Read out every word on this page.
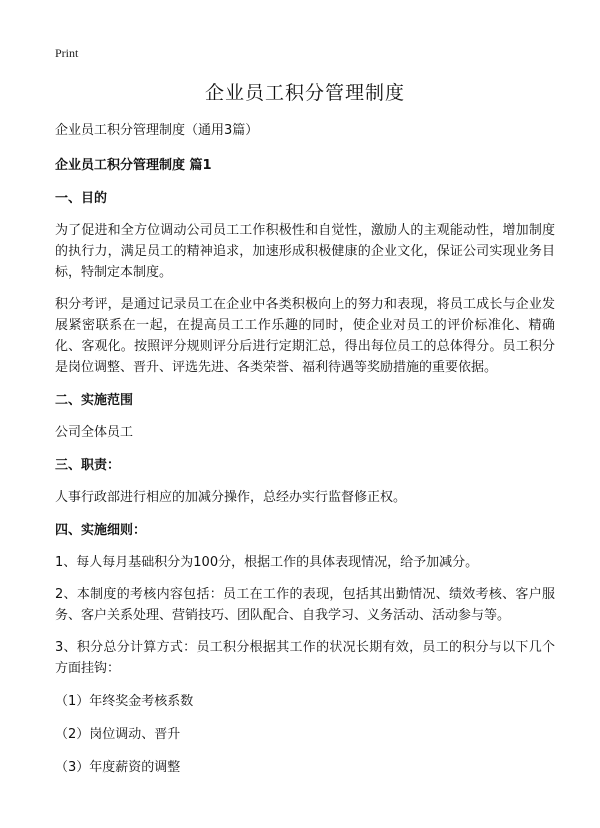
Print
企业员工积分管理制度

企业员工积分管理制度（通用3篇）

企业员工积分管理制度 篇1

一、目的

为了促进和全方位调动公司员工工作积极性和自觉性，激励人的主观能动性，增加制度的执行力，满足员工的精神追求，加速形成积极健康的企业文化，保证公司实现业务目标，特制定本制度。

积分考评，是通过记录员工在企业中各类积极向上的努力和表现，将员工成长与企业发展紧密联系在一起，在提高员工工作乐趣的同时，使企业对员工的评价标准化、精确化、客观化。按照评分规则评分后进行定期汇总，得出每位员工的总体得分。员工积分是岗位调整、晋升、评选先进、各类荣誉、福利待遇等奖励措施的重要依据。

二、实施范围

公司全体员工

三、职责：

人事行政部进行相应的加减分操作，总经办实行监督修正权。

四、实施细则：

1、每人每月基础积分为100分，根据工作的具体表现情况，给予加减分。

2、本制度的考核内容包括：员工在工作的表现，包括其出勤情况、绩效考核、客户服务、客户关系处理、营销技巧、团队配合、自我学习、义务活动、活动参与等。

3、积分总分计算方式：员工积分根据其工作的状况长期有效，员工的积分与以下几个方面挂钩：

（1）年终奖金考核系数

（2）岗位调动、晋升

（3）年度薪资的调整
